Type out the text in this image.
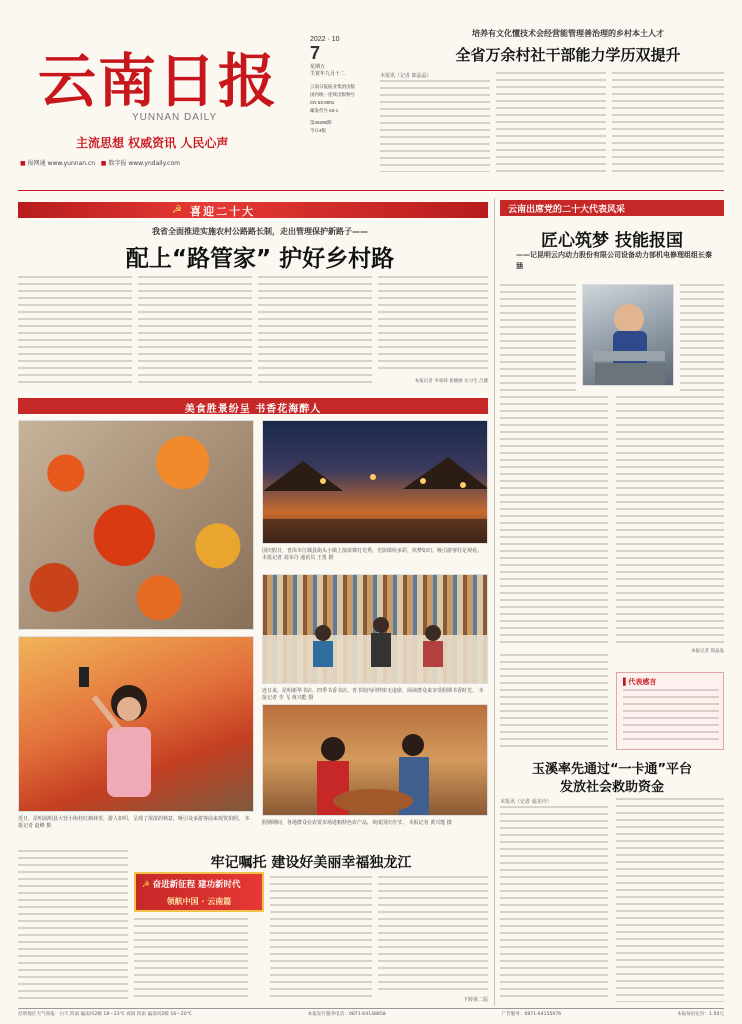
云南日报
YUNNAN DAILY
主流思想 权威资讯 人民心声
■ 报网通 www.yunnan.cn ■ 数字报 www.yndaily.com
2022 · 10
7
星期五
壬寅年九月十二
云南日报报业集团出版
国内统一连续出版物号
CN 53-0001
邮发代号 63-1
第26295期
今日4版
培养有文化懂技术会经营能管理善治理的乡村本土人才
全省万余村社干部能力学历双提升
本报讯（记者 郎晶晶）
☭ 喜迎二十大
我省全面推进实施农村公路路长制，走出管理保护新路子——
配上“路管家” 护好乡村路
本报记者 李承韩 崔婉丽 实习生 吕冀
云南出席党的二十大代表风采
匠心筑梦 技能报国
——记昆明云内动力股份有限公司设备动力部机电修理组组长秦涵
本报记者 郎晶晶
▌代表感言
美食胜景纷呈 书香花海醉人
国庆假日，普洱市江城县街头小镇上演苗寨灯光秀，光影缤纷多彩，炫梦如幻，吸引游客驻足观看。 本报记者 刘本丹 通讯员 王勇 摄
连日来，昆明新华书店、四季书香书店、青书馆内同样座无虚席，阅读群众来享受假期书香时光。 本报记者 李 飞 黄兴能 摄
近日，昆明嵩明县大营小街村红枫林里，游人如织，呈现了浓浓的秋意，吸引众多游客前来观赏拍照。 本报记者 赵峰 摄	假期期间，各地群众在农贸市场选购特色农产品，欢度国庆佳节。 本报记者 黄兴能 摄
玉溪率先通过“一卡通”平台
发放社会救助资金
本报讯（记者 浦美玲）
牢记嘱托 建设好美丽幸福独龙江
☭ 奋进新征程 建功新时代
领航中国 · 云南篇
下转第二版
昆明地区天气预报：白天 阵雨 偏南风2级 18～23℃ 夜间 阵雨 偏南风2级 16～20℃	本报发行服务电话：0871-64148858	广告服务：0871-64155976	本报每份定价：1.50元
